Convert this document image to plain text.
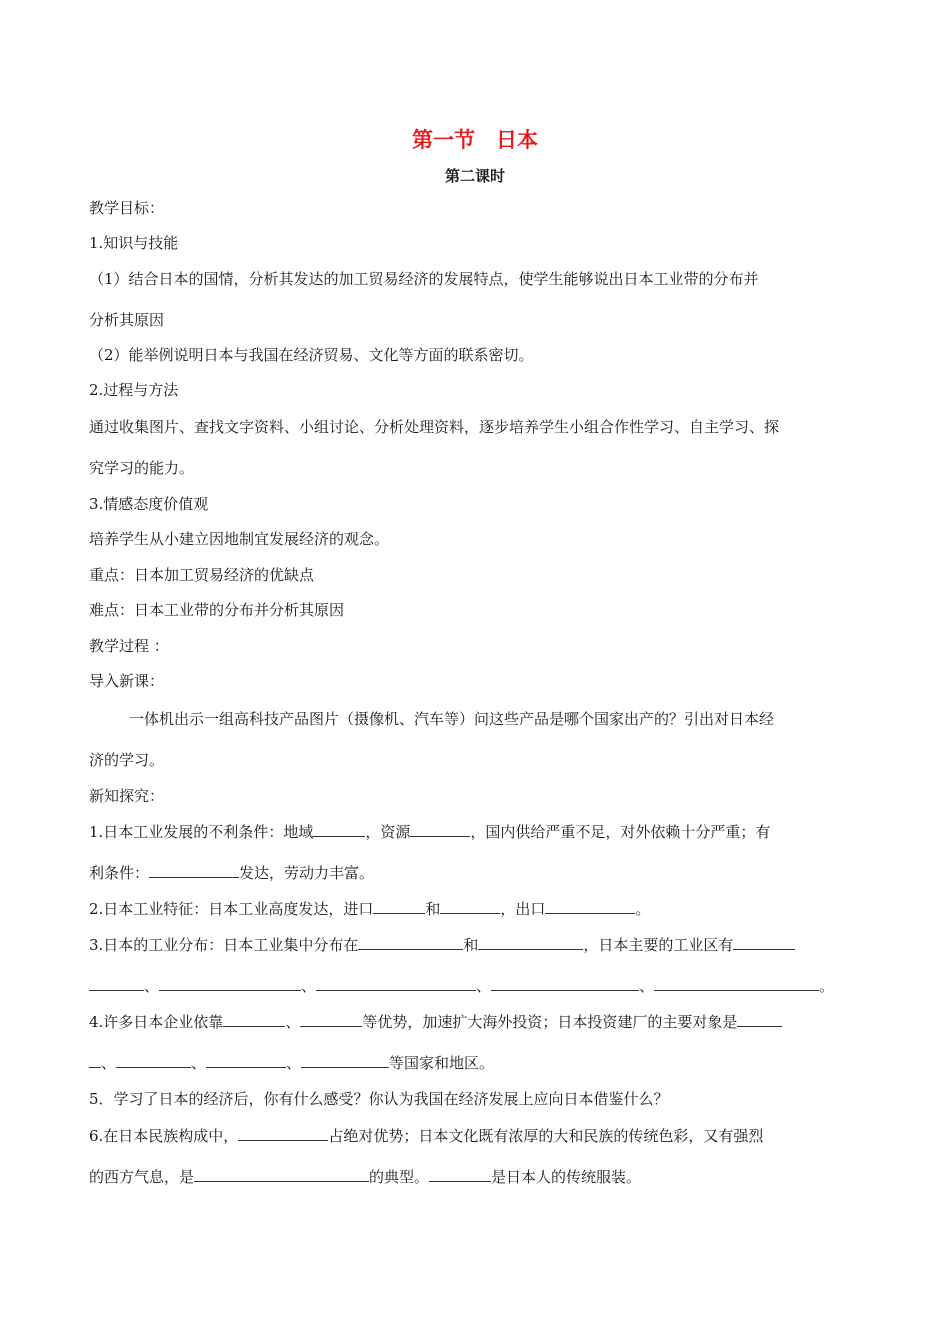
第一节　日本
第二课时
教学目标：
1.知识与技能
（1）结合日本的国情，分析其发达的加工贸易经济的发展特点，使学生能够说出日本工业带的分布并
分析其原因
（2）能举例说明日本与我国在经济贸易、文化等方面的联系密切。
2.过程与方法
通过收集图片、查找文字资料、小组讨论、分析处理资料，逐步培养学生小组合作性学习、自主学习、探
究学习的能力。
3.情感态度价值观
培养学生从小建立因地制宜发展经济的观念。
重点：日本加工贸易经济的优缺点
难点：日本工业带的分布并分析其原因
教学过程 ：
导入新课：
一体机出示一组高科技产品图片（摄像机、汽车等）问这些产品是哪个国家出产的？引出对日本经
济的学习。
新知探究：
1.日本工业发展的不利条件：地域	，资源	，国内供给严重不足，对外依赖十分严重；有
利条件：	发达，劳动力丰富。
2.日本工业特征：日本工业高度发达，进口	和	，出口	。
3.日本的工业分布：日本工业集中分布在	和	，日本主要的工业区有
、	、	、	、	。
4.许多日本企业依靠	、	等优势，加速扩大海外投资；日本投资建厂的主要对象是
、	、	、	等国家和地区。
5．学习了日本的经济后，你有什么感受？你认为我国在经济发展上应向日本借鉴什么？
6.在日本民族构成中，	占绝对优势；日本文化既有浓厚的大和民族的传统色彩，又有强烈
的西方气息，是	的典型。	是日本人的传统服装。
